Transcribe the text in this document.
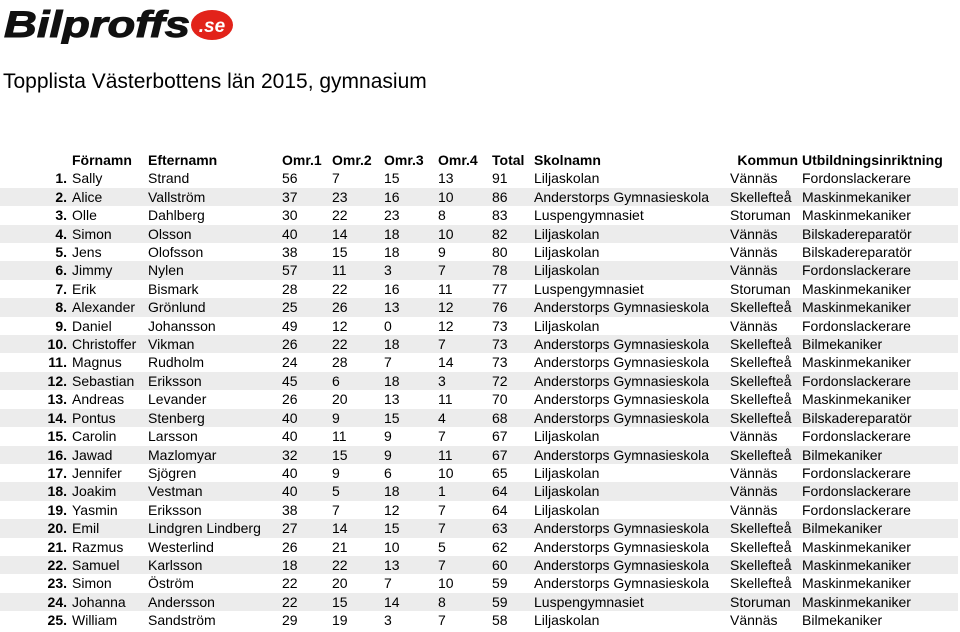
Bilproffs .se
Topplista Västerbottens län 2015, gymnasium
	Förnamn	Efternamn	Omr.1	Omr.2	Omr.3	Omr.4	Total	Skolnamn	Kommun	Utbildningsinriktning
1.	Sally	Strand	56	7	15	13	91	Liljaskolan	Vännäs	Fordonslackerare
2.	Alice	Vallström	37	23	16	10	86	Anderstorps Gymnasieskola	Skellefteå	Maskinmekaniker
3.	Olle	Dahlberg	30	22	23	8	83	Luspengymnasiet	Storuman	Maskinmekaniker
4.	Simon	Olsson	40	14	18	10	82	Liljaskolan	Vännäs	Bilskadereparatör
5.	Jens	Olofsson	38	15	18	9	80	Liljaskolan	Vännäs	Bilskadereparatör
6.	Jimmy	Nylen	57	11	3	7	78	Liljaskolan	Vännäs	Fordonslackerare
7.	Erik	Bismark	28	22	16	11	77	Luspengymnasiet	Storuman	Maskinmekaniker
8.	Alexander	Grönlund	25	26	13	12	76	Anderstorps Gymnasieskola	Skellefteå	Maskinmekaniker
9.	Daniel	Johansson	49	12	0	12	73	Liljaskolan	Vännäs	Fordonslackerare
10.	Christoffer	Vikman	26	22	18	7	73	Anderstorps Gymnasieskola	Skellefteå	Bilmekaniker
11.	Magnus	Rudholm	24	28	7	14	73	Anderstorps Gymnasieskola	Skellefteå	Maskinmekaniker
12.	Sebastian	Eriksson	45	6	18	3	72	Anderstorps Gymnasieskola	Skellefteå	Fordonslackerare
13.	Andreas	Levander	26	20	13	11	70	Anderstorps Gymnasieskola	Skellefteå	Maskinmekaniker
14.	Pontus	Stenberg	40	9	15	4	68	Anderstorps Gymnasieskola	Skellefteå	Bilskadereparatör
15.	Carolin	Larsson	40	11	9	7	67	Liljaskolan	Vännäs	Fordonslackerare
16.	Jawad	Mazlomyar	32	15	9	11	67	Anderstorps Gymnasieskola	Skellefteå	Bilmekaniker
17.	Jennifer	Sjögren	40	9	6	10	65	Liljaskolan	Vännäs	Fordonslackerare
18.	Joakim	Vestman	40	5	18	1	64	Liljaskolan	Vännäs	Fordonslackerare
19.	Yasmin	Eriksson	38	7	12	7	64	Liljaskolan	Vännäs	Fordonslackerare
20.	Emil	Lindgren Lindberg	27	14	15	7	63	Anderstorps Gymnasieskola	Skellefteå	Bilmekaniker
21.	Razmus	Westerlind	26	21	10	5	62	Anderstorps Gymnasieskola	Skellefteå	Maskinmekaniker
22.	Samuel	Karlsson	18	22	13	7	60	Anderstorps Gymnasieskola	Skellefteå	Maskinmekaniker
23.	Simon	Öström	22	20	7	10	59	Anderstorps Gymnasieskola	Skellefteå	Maskinmekaniker
24.	Johanna	Andersson	22	15	14	8	59	Luspengymnasiet	Storuman	Maskinmekaniker
25.	William	Sandström	29	19	3	7	58	Liljaskolan	Vännäs	Bilmekaniker
